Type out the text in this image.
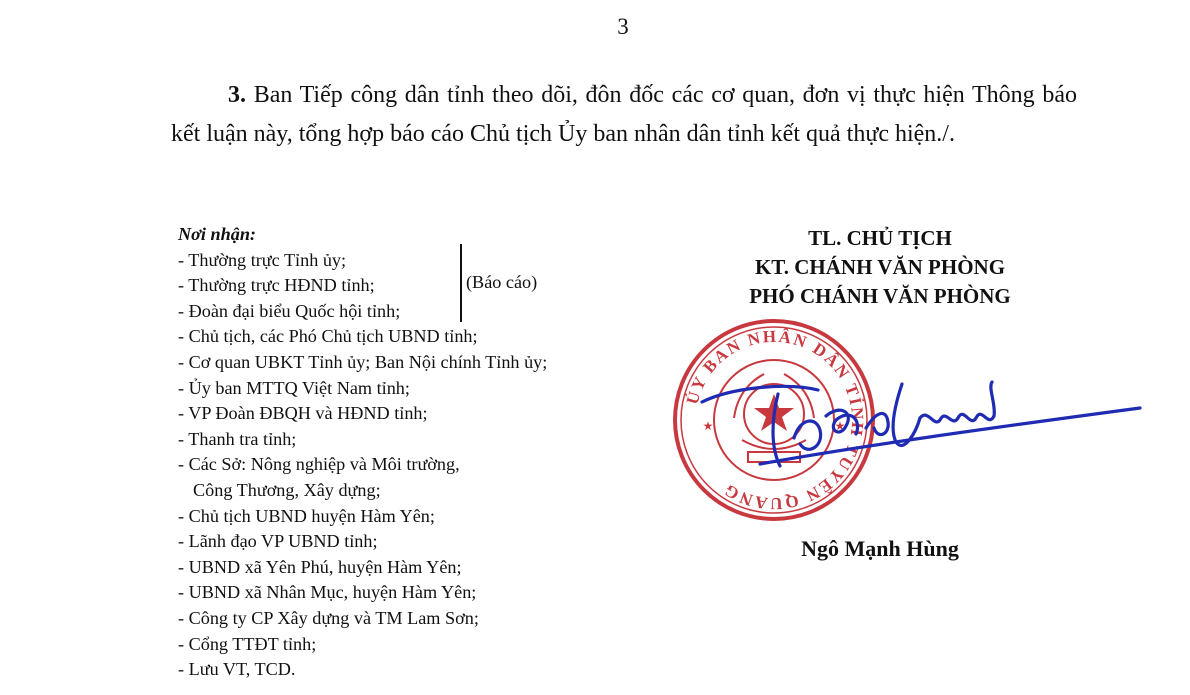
3

3. Ban Tiếp công dân tỉnh theo dõi, đôn đốc các cơ quan, đơn vị thực hiện Thông báo kết luận này, tổng hợp báo cáo Chủ tịch Ủy ban nhân dân tỉnh kết quả thực hiện./.

Nơi nhận:
- Thường trực Tỉnh ủy;
- Thường trực HĐND tỉnh;
- Đoàn đại biểu Quốc hội tỉnh;
- Chủ tịch, các Phó Chủ tịch UBND tỉnh;
- Cơ quan UBKT Tỉnh ủy; Ban Nội chính Tỉnh ủy;
- Ủy ban MTTQ Việt Nam tỉnh;
- VP Đoàn ĐBQH và HĐND tỉnh;
- Thanh tra tỉnh;
- Các Sở: Nông nghiệp và Môi trường,
Công Thương, Xây dựng;
- Chủ tịch UBND huyện Hàm Yên;
- Lãnh đạo VP UBND tỉnh;
- UBND xã Yên Phú, huyện Hàm Yên;
- UBND xã Nhân Mục, huyện Hàm Yên;
- Công ty CP Xây dựng và TM Lam Sơn;
- Cổng TTĐT tỉnh;
- Lưu VT, TCD.
(Báo cáo)
TL. CHỦ TỊCH
KT. CHÁNH VĂN PHÒNG
PHÓ CHÁNH VĂN PHÒNG
ỦY BAN NHÂN DÂN TỈNH TUYÊN QUANG
★	★
Ngô Mạnh Hùng
